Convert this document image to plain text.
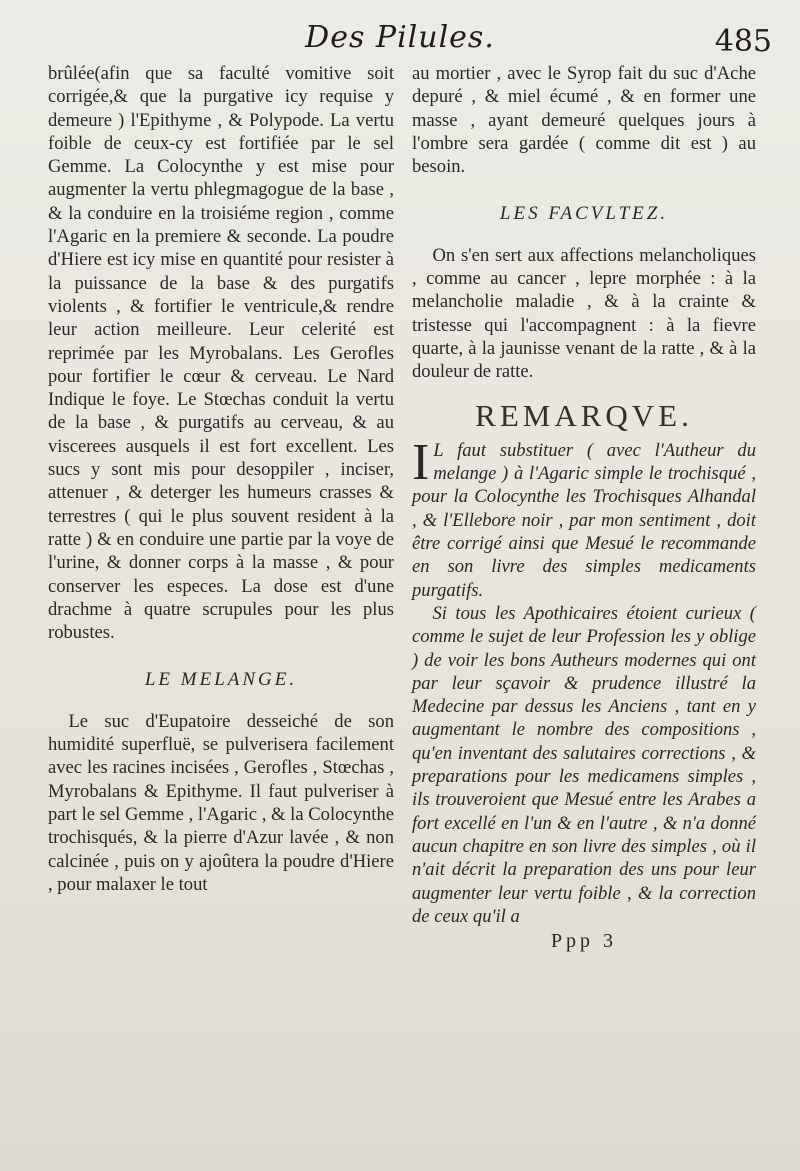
Des Pilules.	485

brûlée(afin que sa faculté vomitive soit corrigée,& que la purgative icy requise y demeure ) l'Epithyme , & Polypode. La vertu foible de ceux-cy est fortifiée par le sel Gemme. La Colocynthe y est mise pour augmenter la vertu phlegmagogue de la base , & la conduire en la troisiéme region , comme l'Agaric en la premiere & seconde. La poudre d'Hiere est icy mise en quantité pour resister à la puissance de la base & des purgatifs violents , & fortifier le ventricule,& rendre leur action meilleure. Leur celerité est reprimée par les Myrobalans. Les Gerofles pour fortifier le cœur & cerveau. Le Nard Indique le foye. Le Stœchas conduit la vertu de la base , & purgatifs au cerveau, & au viscerees ausquels il est fort excellent. Les sucs y sont mis pour desoppiler , inciser, attenuer , & deterger les humeurs crasses & terrestres ( qui le plus souvent resident à la ratte ) & en conduire une partie par la voye de l'urine, & donner corps à la masse , & pour conserver les especes. La dose est d'une drachme à quatre scrupules pour les plus robustes.

LE MELANGE.

Le suc d'Eupatoire desseiché de son humidité superfluë, se pulverisera facilement avec les racines incisées , Gerofles , Stœchas , Myrobalans & Epithyme. Il faut pulveriser à part le sel Gemme , l'Agaric , & la Colocynthe trochisqués, & la pierre d'Azur lavée , & non calcinée , puis on y ajoûtera la poudre d'Hiere , pour malaxer le tout

au mortier , avec le Syrop fait du suc d'Ache depuré , & miel écumé , & en former une masse , ayant demeuré quelques jours à l'ombre sera gardée ( comme dit est ) au besoin.

LES FACVLTEZ.

On s'en sert aux affections melancholiques , comme au cancer , lepre morphée : à la melancholie maladie , & à la crainte & tristesse qui l'accompagnent : à la fievre quarte, à la jaunisse venant de la ratte , & à la douleur de ratte.

REMARQVE.

I L faut substituer ( avec l'Autheur du melange ) à l'Agaric simple le trochisqué , pour la Colocynthe les Trochisques Alhandal , & l'Ellebore noir , par mon sentiment , doit être corrigé ainsi que Mesué le recommande en son livre des simples medicaments purgatifs.

Si tous les Apothicaires étoient curieux ( comme le sujet de leur Profession les y oblige ) de voir les bons Autheurs modernes qui ont par leur sçavoir & prudence illustré la Medecine par dessus les Anciens , tant en y augmentant le nombre des compositions , qu'en inventant des salutaires corrections , & preparations pour les medicamens simples , ils trouveroient que Mesué entre les Arabes a fort excellé en l'un & en l'autre , & n'a donné aucun chapitre en son livre des simples , où il n'ait décrit la preparation des uns pour leur augmenter leur vertu foible , & la correction de ceux qu'il a

Ppp 3
